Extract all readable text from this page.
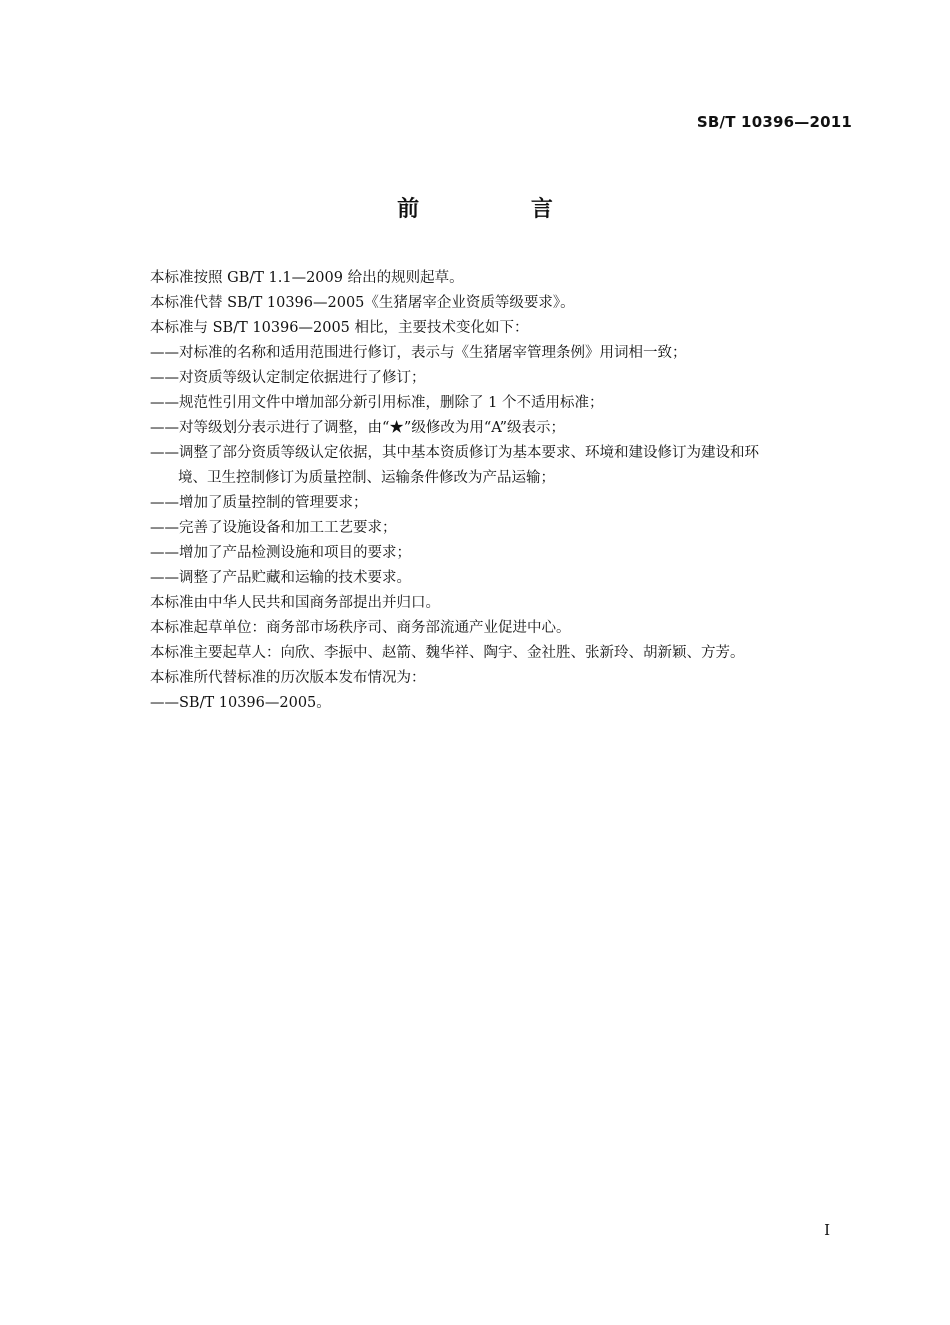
SB/T 10396—2011
前 言

本标准按照 GB/T 1.1—2009 给出的规则起草。

本标准代替 SB/T 10396—2005《生猪屠宰企业资质等级要求》。

本标准与 SB/T 10396—2005 相比，主要技术变化如下：

——对标准的名称和适用范围进行修订，表示与《生猪屠宰管理条例》用词相一致；

——对资质等级认定制定依据进行了修订；

——规范性引用文件中增加部分新引用标准，删除了 1 个不适用标准；

——对等级划分表示进行了调整，由“★”级修改为用“A”级表示；

——调整了部分资质等级认定依据，其中基本资质修订为基本要求、环境和建设修订为建设和环
境、卫生控制修订为质量控制、运输条件修改为产品运输；

——增加了质量控制的管理要求；

——完善了设施设备和加工工艺要求；

——增加了产品检测设施和项目的要求；

——调整了产品贮藏和运输的技术要求。

本标准由中华人民共和国商务部提出并归口。

本标准起草单位：商务部市场秩序司、商务部流通产业促进中心。

本标准主要起草人：向欣、李振中、赵箭、魏华祥、陶宇、金社胜、张新玲、胡新颖、方芳。

本标准所代替标准的历次版本发布情况为：

——SB/T 10396—2005。

I
